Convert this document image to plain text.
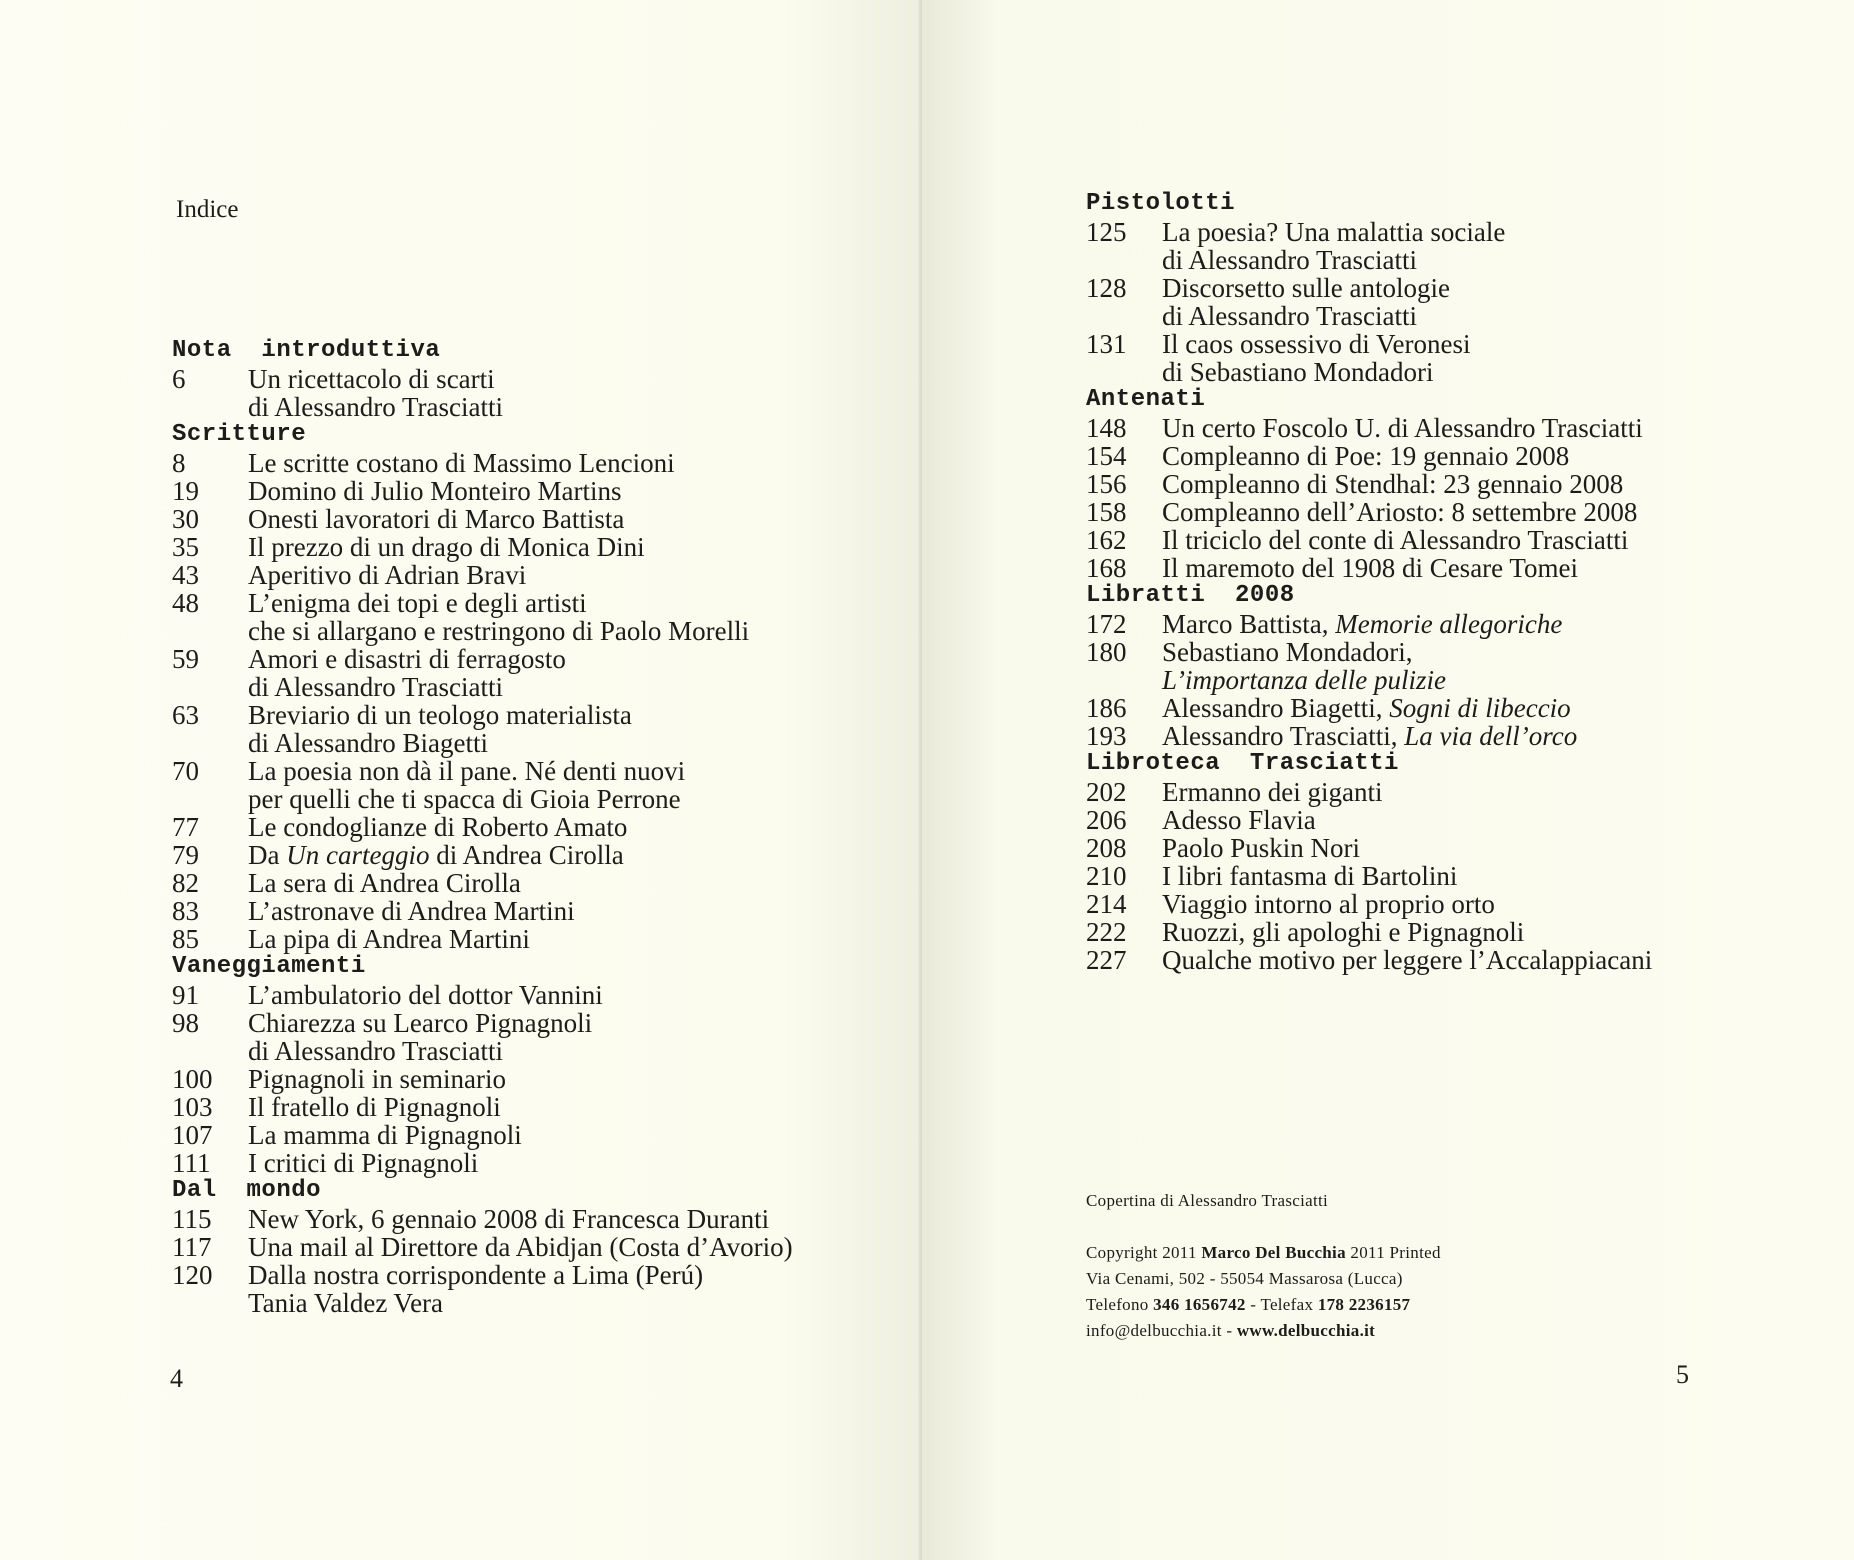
Indice
Nota  introduttiva
6	Un ricettacolo di scarti
di Alessandro Trasciatti
Scritture
8	Le scritte costano di Massimo Lencioni
19	Domino di Julio Monteiro Martins
30	Onesti lavoratori di Marco Battista
35	Il prezzo di un drago di Monica Dini
43	Aperitivo di Adrian Bravi
48	L’enigma dei topi e degli artisti
che si allargano e restringono di Paolo Morelli
59	Amori e disastri di ferragosto
di Alessandro Trasciatti
63	Breviario di un teologo materialista
di Alessandro Biagetti
70	La poesia non dà il pane. Né denti nuovi
per quelli che ti spacca di Gioia Perrone
77	Le condoglianze di Roberto Amato
79	Da Un carteggio di Andrea Cirolla
82	La sera di Andrea Cirolla
83	L’astronave di Andrea Martini
85	La pipa di Andrea Martini
Vaneggiamenti
91	L’ambulatorio del dottor Vannini
98	Chiarezza su Learco Pignagnoli
di Alessandro Trasciatti
100	Pignagnoli in seminario
103	Il fratello di Pignagnoli
107	La mamma di Pignagnoli
111	I critici di Pignagnoli
Dal  mondo
115	New York, 6 gennaio 2008 di Francesca Duranti
117	Una mail al Direttore da Abidjan (Costa d’Avorio)
120	Dalla nostra corrispondente a Lima (Perú)
Tania Valdez Vera
4
Pistolotti
125	La poesia? Una malattia sociale
di Alessandro Trasciatti
128	Discorsetto sulle antologie
di Alessandro Trasciatti
131	Il caos ossessivo di Veronesi
di Sebastiano Mondadori
Antenati
148	Un certo Foscolo U. di Alessandro Trasciatti
154	Compleanno di Poe: 19 gennaio 2008
156	Compleanno di Stendhal: 23 gennaio 2008
158	Compleanno dell’Ariosto: 8 settembre 2008
162	Il triciclo del conte di Alessandro Trasciatti
168	Il maremoto del 1908 di Cesare Tomei
Libratti  2008
172	Marco Battista, Memorie allegoriche
180	Sebastiano Mondadori,
L’importanza delle pulizie
186	Alessandro Biagetti, Sogni di libeccio
193	Alessandro Trasciatti, La via dell’orco
Libroteca  Trasciatti
202	Ermanno dei giganti
206	Adesso Flavia
208	Paolo Puskin Nori
210	I libri fantasma di Bartolini
214	Viaggio intorno al proprio orto
222	Ruozzi, gli apologhi e Pignagnoli
227	Qualche motivo per leggere l’Accalappiacani
Copertina di Alessandro Trasciatti
Copyright 2011 Marco Del Bucchia 2011 Printed
Via Cenami, 502 - 55054 Massarosa (Lucca)
Telefono 346 1656742 - Telefax 178 2236157
info@delbucchia.it - www.delbucchia.it
5
